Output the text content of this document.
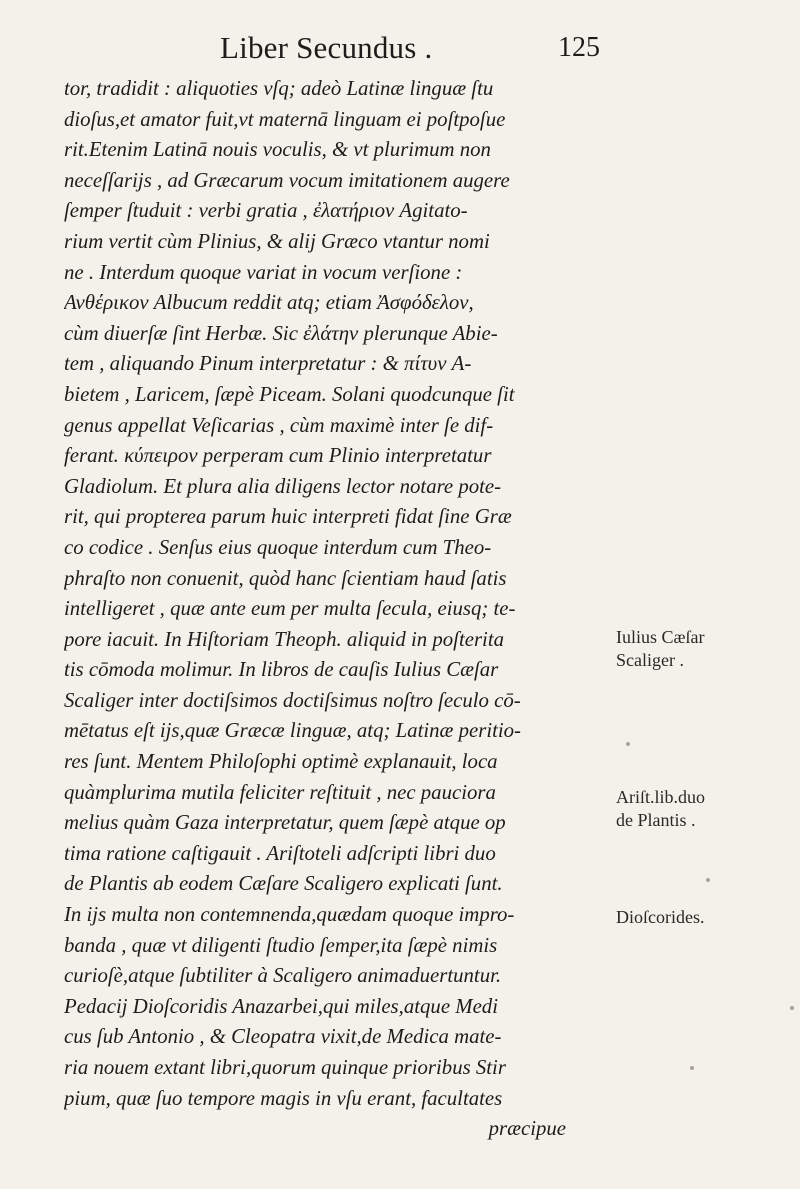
Liber Secundus .	125
tor, tradidit : aliquoties vſq; adeò Latinæ linguæ ſtu
dioſus,et amator fuit,vt maternā linguam ei poſtpoſue
rit.Etenim Latinā nouis voculis, & vt plurimum non
neceſſarijs , ad Græcarum vocum imitationem augere
ſemper ſtuduit : verbi gratia , ἐλατήριον Agitato-
rium vertit cùm Plinius, & alij Græco vtantur nomi
ne . Interdum quoque variat in vocum verſione :
Ανθέρικον Albucum reddit atq; etiam Ἀσφόδελον,
cùm diuerſæ ſint Herbæ. Sic ἐλάτην plerunque Abie-
tem , aliquando Pinum interpretatur : & πίτυν A-
bietem , Laricem, ſæpè Piceam. Solani quodcunque ſit
genus appellat Veſicarias , cùm maximè inter ſe dif-
ferant. κύπειρον perperam cum Plinio interpretatur
Gladiolum. Et plura alia diligens lector notare pote-
rit, qui propterea parum huic interpreti fidat ſine Græ
co codice . Senſus eius quoque interdum cum Theo-
phraſto non conuenit, quòd hanc ſcientiam haud ſatis
intelligeret , quæ ante eum per multa ſecula, eiusq; te-
pore iacuit. In Hiſtoriam Theoph. aliquid in poſterita
tis cōmoda molimur. In libros de cauſis Iulius Cæſar
Scaliger inter doctiſsimos doctiſsimus noſtro ſeculo cō-
mētatus eſt ijs,quæ Græcæ linguæ, atq; Latinæ peritio-
res ſunt. Mentem Philoſophi optimè explanauit, loca
quàmplurima mutila feliciter reſtituit , nec pauciora
melius quàm Gaza interpretatur, quem ſæpè atque op
tima ratione caſtigauit . Ariſtoteli adſcripti libri duo
de Plantis ab eodem Cæſare Scaligero explicati ſunt.
In ijs multa non contemnenda,quædam quoque impro-
banda , quæ vt diligenti ſtudio ſemper,ita ſæpè nimis
curioſè,atque ſubtiliter à Scaligero animaduertuntur.
Pedacij Dioſcoridis Anazarbei,qui miles,atque Medi
cus ſub Antonio , & Cleopatra vixit,de Medica mate-
ria nouem extant libri,quorum quinque prioribus Stir
pium, quæ ſuo tempore magis in vſu erant, facultates
præcipue
Iulius Cæſar
Scaliger .
Ariſt.lib.duo
de Plantis .
Dioſcorides.
